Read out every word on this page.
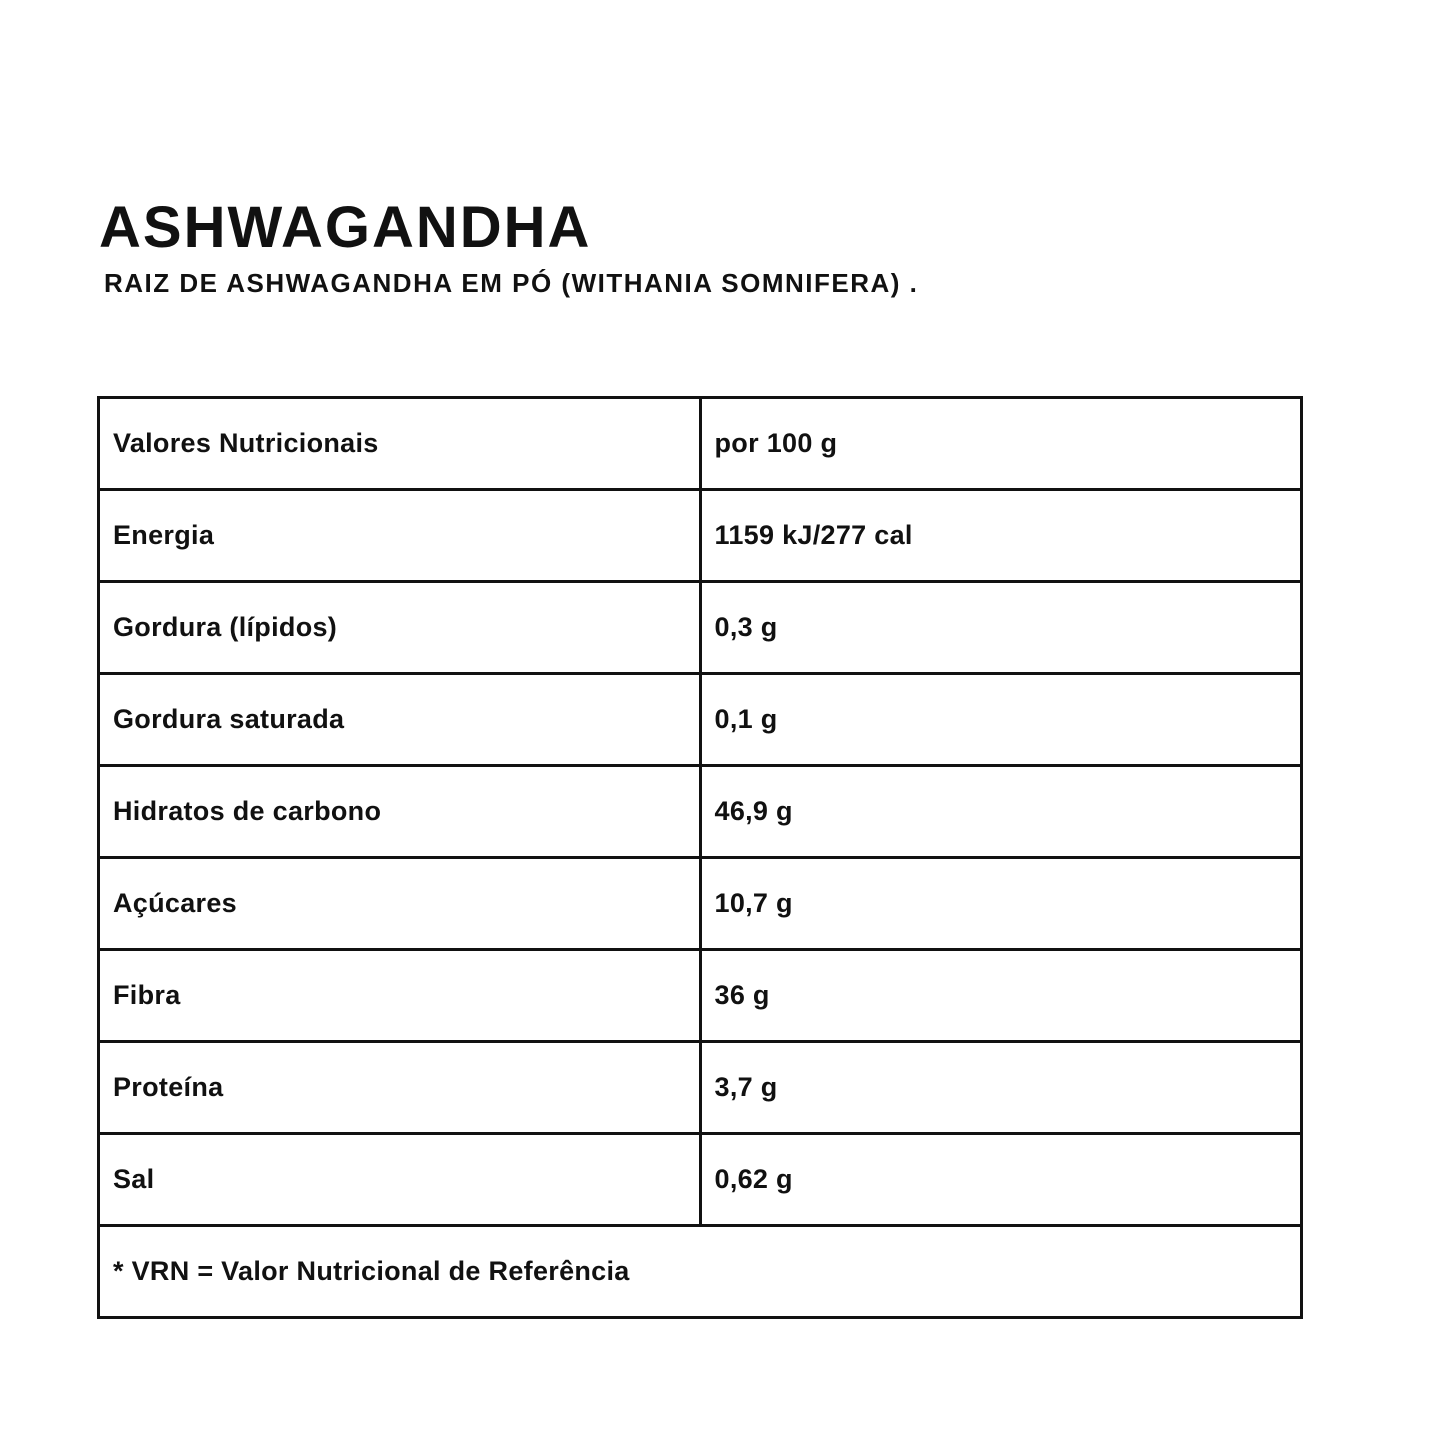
ASHWAGANDHA
RAIZ DE ASHWAGANDHA EM PÓ (WITHANIA SOMNIFERA) .
Valores Nutricionais	por 100 g
Energia	1159 kJ/277 cal
Gordura (lípidos)	0,3 g
Gordura saturada	0,1 g
Hidratos de carbono	46,9 g
Açúcares	10,7 g
Fibra	36 g
Proteína	3,7 g
Sal	0,62 g
* VRN = Valor Nutricional de Referência	
